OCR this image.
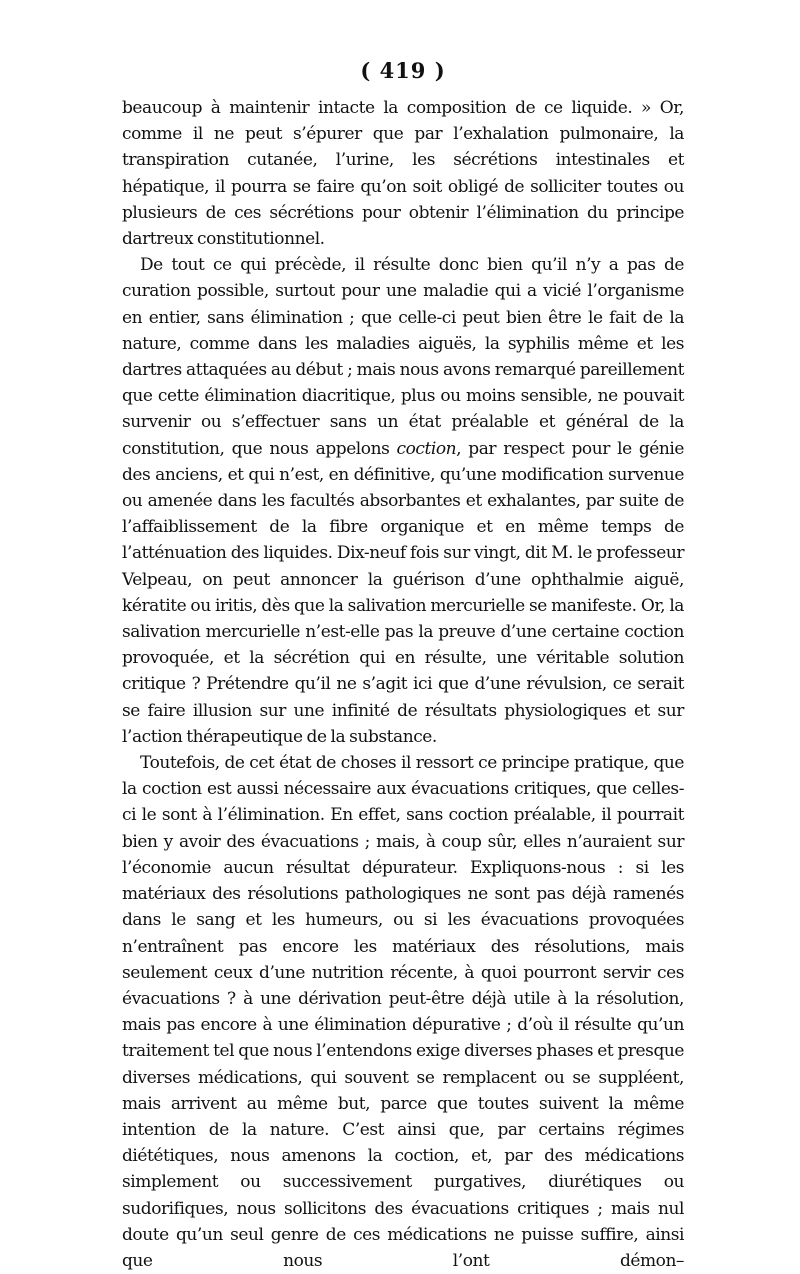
( 419 )

beaucoup à maintenir intacte la composition de ce liquide. » Or, comme il ne peut s’épurer que par l’exhalation pulmonaire, la transpiration cutanée, l’urine, les sécrétions intestinales et hépatique, il pourra se faire qu’on soit obligé de solliciter toutes ou plusieurs de ces sécrétions pour obtenir l’élimination du principe dartreux constitutionnel.

De tout ce qui précède, il résulte donc bien qu’il n’y a pas de curation possible, surtout pour une maladie qui a vicié l’organisme en entier, sans élimination ; que celle-ci peut bien être le fait de la nature, comme dans les maladies aiguës, la syphilis même et les dartres attaquées au début ; mais nous avons remarqué pareillement que cette élimination diacritique, plus ou moins sensible, ne pouvait survenir ou s’effectuer sans un état préalable et général de la constitution, que nous appelons coction, par respect pour le génie des anciens, et qui n’est, en définitive, qu’une modification survenue ou amenée dans les facultés absorbantes et exhalantes, par suite de l’affaiblissement de la fibre organique et en même temps de l’atténuation des liquides. Dix-neuf fois sur vingt, dit M. le professeur Velpeau, on peut annoncer la guérison d’une ophthalmie aiguë, kératite ou iritis, dès que la salivation mercurielle se manifeste. Or, la salivation mercurielle n’est-elle pas la preuve d’une certaine coction provoquée, et la sécrétion qui en résulte, une véritable solution critique ? Prétendre qu’il ne s’agit ici que d’une révulsion, ce serait se faire illusion sur une infinité de résultats physiologiques et sur l’action thérapeutique de la substance.

Toutefois, de cet état de choses il ressort ce principe pratique, que la coction est aussi nécessaire aux évacuations critiques, que celles-ci le sont à l’élimination. En effet, sans coction préalable, il pourrait bien y avoir des évacuations ; mais, à coup sûr, elles n’auraient sur l’économie aucun résultat dépurateur. Expliquons-nous : si les matériaux des résolutions pathologiques ne sont pas déjà ramenés dans le sang et les humeurs, ou si les évacuations provoquées n’entraînent pas encore les matériaux des résolutions, mais seulement ceux d’une nutrition récente, à quoi pourront servir ces évacuations ? à une dérivation peut-être déjà utile à la résolution, mais pas encore à une élimination dépurative ; d’où il résulte qu’un traitement tel que nous l’entendons exige diverses phases et presque diverses médications, qui souvent se remplacent ou se suppléent, mais arrivent au même but, parce que toutes suivent la même intention de la nature. C’est ainsi que, par certains régimes diététiques, nous amenons la coction, et, par des médications simplement ou successivement purgatives, diurétiques ou sudorifiques, nous sollicitons des évacuations critiques ; mais nul doute qu’un seul genre de ces médications ne puisse suffire, ainsi que nous l’ont démon–
